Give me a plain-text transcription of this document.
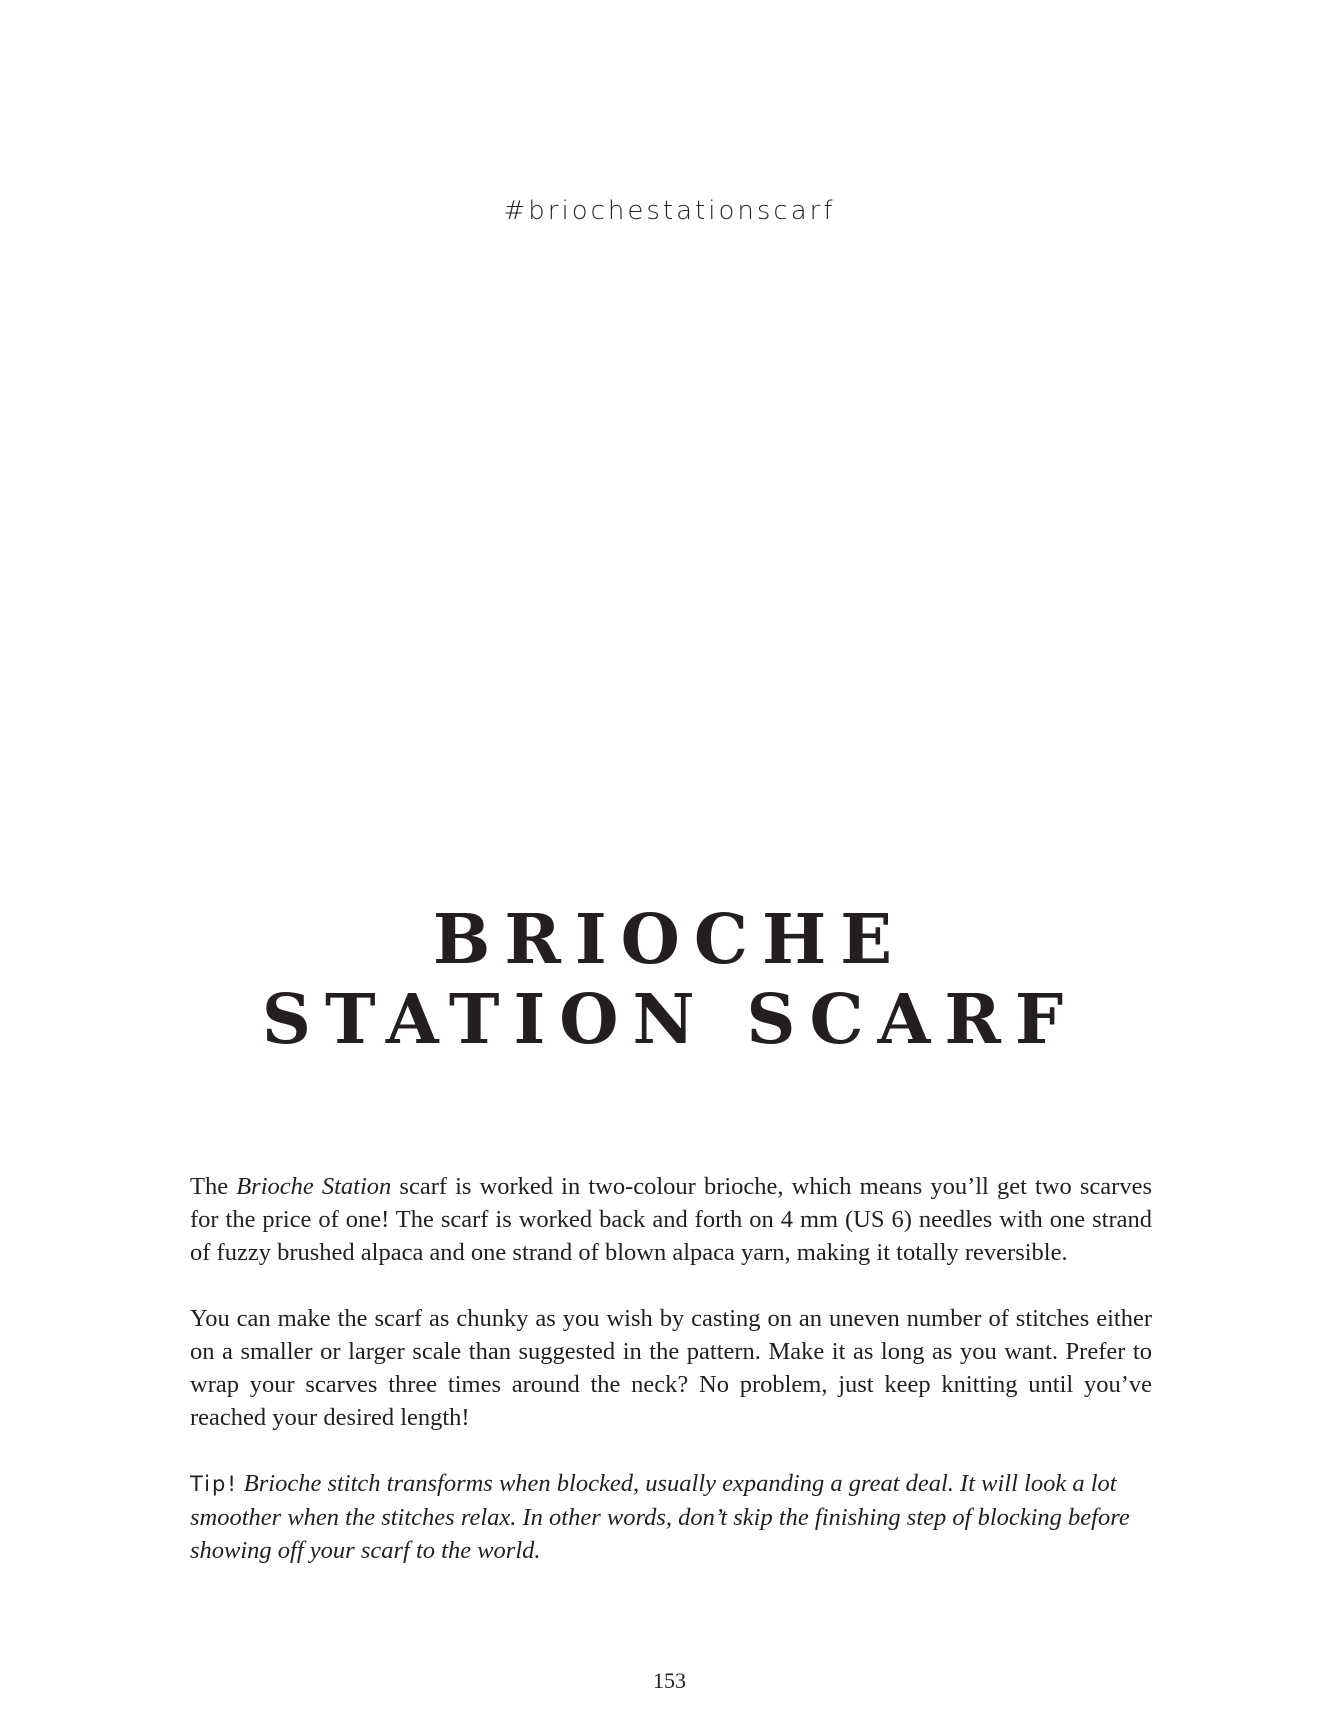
#briochestationscarf
BRIOCHE
STATION SCARF

The Brioche Station scarf is worked in two-colour brioche, which means you’ll get two scarves for the price of one! The scarf is worked back and forth on 4 mm (US 6) needles with one strand of fuzzy brushed alpaca and one strand of blown alpaca yarn, making it totally reversible.

You can make the scarf as chunky as you wish by casting on an uneven number of stitches either on a smaller or larger scale than suggested in the pattern. Make it as long as you want. Prefer to wrap your scarves three times around the neck? No problem, just keep knitting until you’ve reached your desired length!

Tip! Brioche stitch transforms when blocked, usually expanding a great deal. It will look a lot smoother when the stitches relax. In other words, don’t skip the finishing step of blocking before showing off your scarf to the world.

153
